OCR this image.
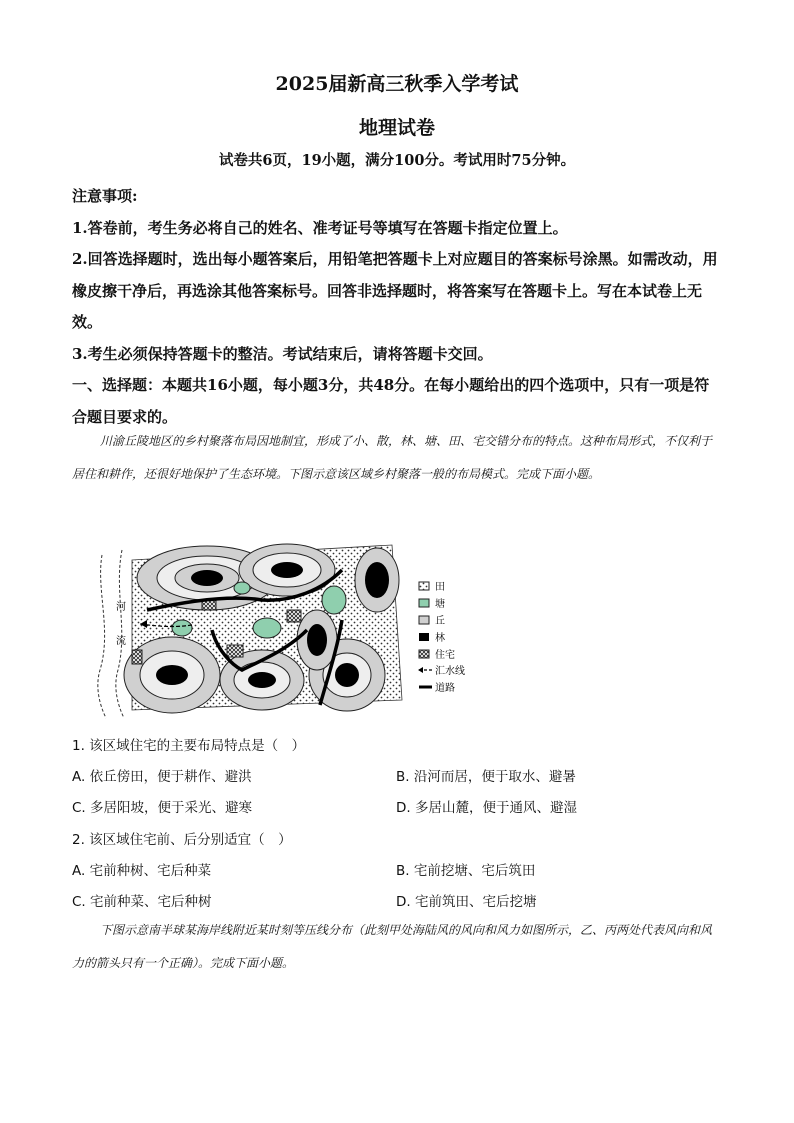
2025届新高三秋季入学考试
地理试卷
试卷共6页，19小题，满分100分。考试用时75分钟。

注意事项:

1.答卷前，考生务必将自己的姓名、准考证号等填写在答题卡指定位置上。

2.回答选择题时，选出每小题答案后，用铅笔把答题卡上对应题目的答案标号涂黑。如需改动，用橡皮擦干净后，再选涂其他答案标号。回答非选择题时，将答案写在答题卡上。写在本试卷上无效。

3.考生必须保持答题卡的整洁。考试结束后，请将答题卡交回。

一、选择题：本题共16小题，每小题3分，共48分。在每小题给出的四个选项中，只有一项是符合题目要求的。

川渝丘陵地区的乡村聚落布局因地制宜，形成了小、散，林、塘、田、宅交错分布的特点。这种布局形式，不仅利于居住和耕作，还很好地保护了生态环境。下图示意该区域乡村聚落一般的布局模式。完成下面小题。

河
流
田
塘
丘
林
住宅
汇水线
道路
1. 该区域住宅的主要布局特点是（　）
A. 依丘傍田，便于耕作、避洪	B. 沿河而居，便于取水、避暑
C. 多居阳坡，便于采光、避寒	D. 多居山麓，便于通风、避湿
2. 该区域住宅前、后分别适宜（　）
A. 宅前种树、宅后种菜	B. 宅前挖塘、宅后筑田
C. 宅前种菜、宅后种树	D. 宅前筑田、宅后挖塘

下图示意南半球某海岸线附近某时刻等压线分布（此刻甲处海陆风的风向和风力如图所示，乙、丙两处代表风向和风力的箭头只有一个正确）。完成下面小题。
